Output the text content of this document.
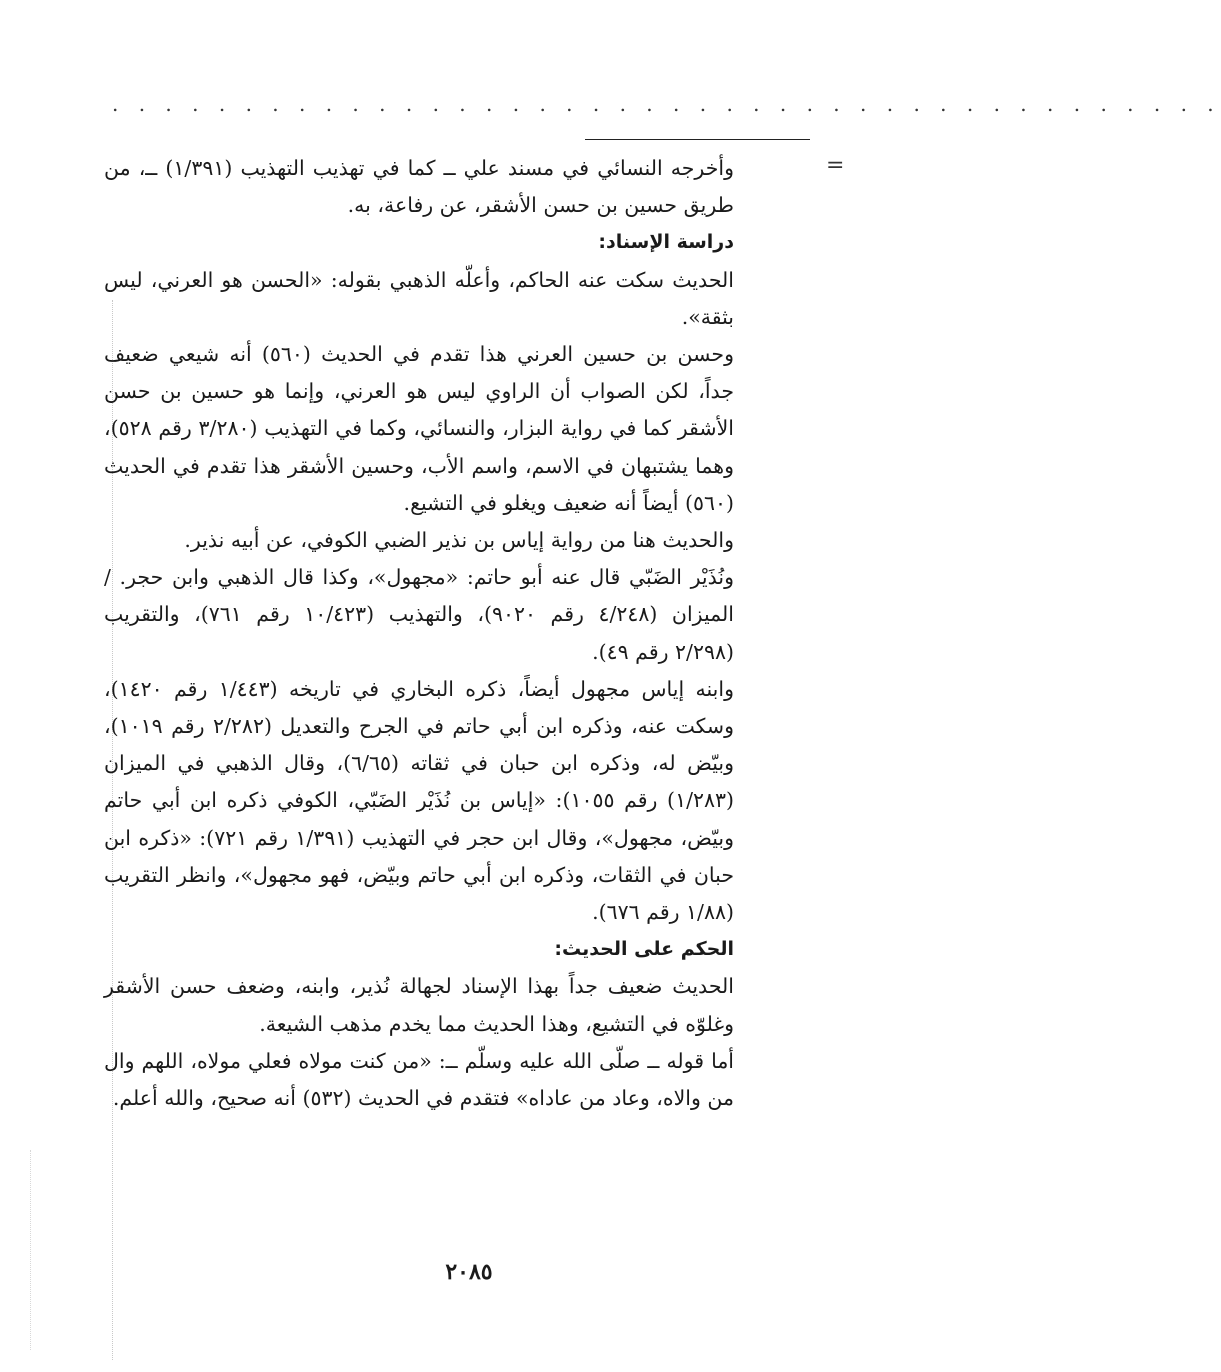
. . . . . . . . . . . . . . . . . . . . . . . . . . . . . . . . . . . . . . . . . .
=

وأخرجه النسائي في مسند علي ــ كما في تهذيب التهذيب (١/٣٩١) ــ، من طريق حسين بن حسن الأشقر، عن رفاعة، به.

دراسة الإسناد:

الحديث سكت عنه الحاكم، وأعلّه الذهبي بقوله: «الحسن هو العرني، ليس بثقة».

وحسن بن حسين العرني هذا تقدم في الحديث (٥٦٠) أنه شيعي ضعيف جداً، لكن الصواب أن الراوي ليس هو العرني، وإنما هو حسين بن حسن الأشقر كما في رواية البزار، والنسائي، وكما في التهذيب (٣/٢٨٠ رقم ٥٢٨)، وهما يشتبهان في الاسم، واسم الأب، وحسين الأشقر هذا تقدم في الحديث (٥٦٠) أيضاً أنه ضعيف ويغلو في التشيع.

والحديث هنا من رواية إياس بن نذير الضبي الكوفي، عن أبيه نذير.

ونُذَيْر الضَبّي قال عنه أبو حاتم: «مجهول»، وكذا قال الذهبي وابن حجر. / الميزان (٤/٢٤٨ رقم ٩٠٢٠)، والتهذيب (١٠/٤٢٣ رقم ٧٦١)، والتقريب (٢/٢٩٨ رقم ٤٩).

وابنه إياس مجهول أيضاً، ذكره البخاري في تاريخه (١/٤٤٣ رقم ١٤٢٠)، وسكت عنه، وذكره ابن أبي حاتم في الجرح والتعديل (٢/٢٨٢ رقم ١٠١٩)، وبيّض له، وذكره ابن حبان في ثقاته (٦/٦٥)، وقال الذهبي في الميزان (١/٢٨٣) رقم ١٠٥٥): «إياس بن نُذَيْر الضَبّي، الكوفي ذكره ابن أبي حاتم وبيّض، مجهول»، وقال ابن حجر في التهذيب (١/٣٩١ رقم ٧٢١): «ذكره ابن حبان في الثقات، وذكره ابن أبي حاتم وبيّض، فهو مجهول»، وانظر التقريب (١/٨٨ رقم ٦٧٦).

الحكم على الحديث:

الحديث ضعيف جداً بهذا الإسناد لجهالة نُذير، وابنه، وضعف حسن الأشقر وغلوّه في التشيع، وهذا الحديث مما يخدم مذهب الشيعة.

أما قوله ــ صلّى الله عليه وسلّم ــ: «من كنت مولاه فعلي مولاه، اللهم وال من والاه، وعاد من عاداه» فتقدم في الحديث (٥٣٢) أنه صحيح، والله أعلم.

٢٠٨٥
